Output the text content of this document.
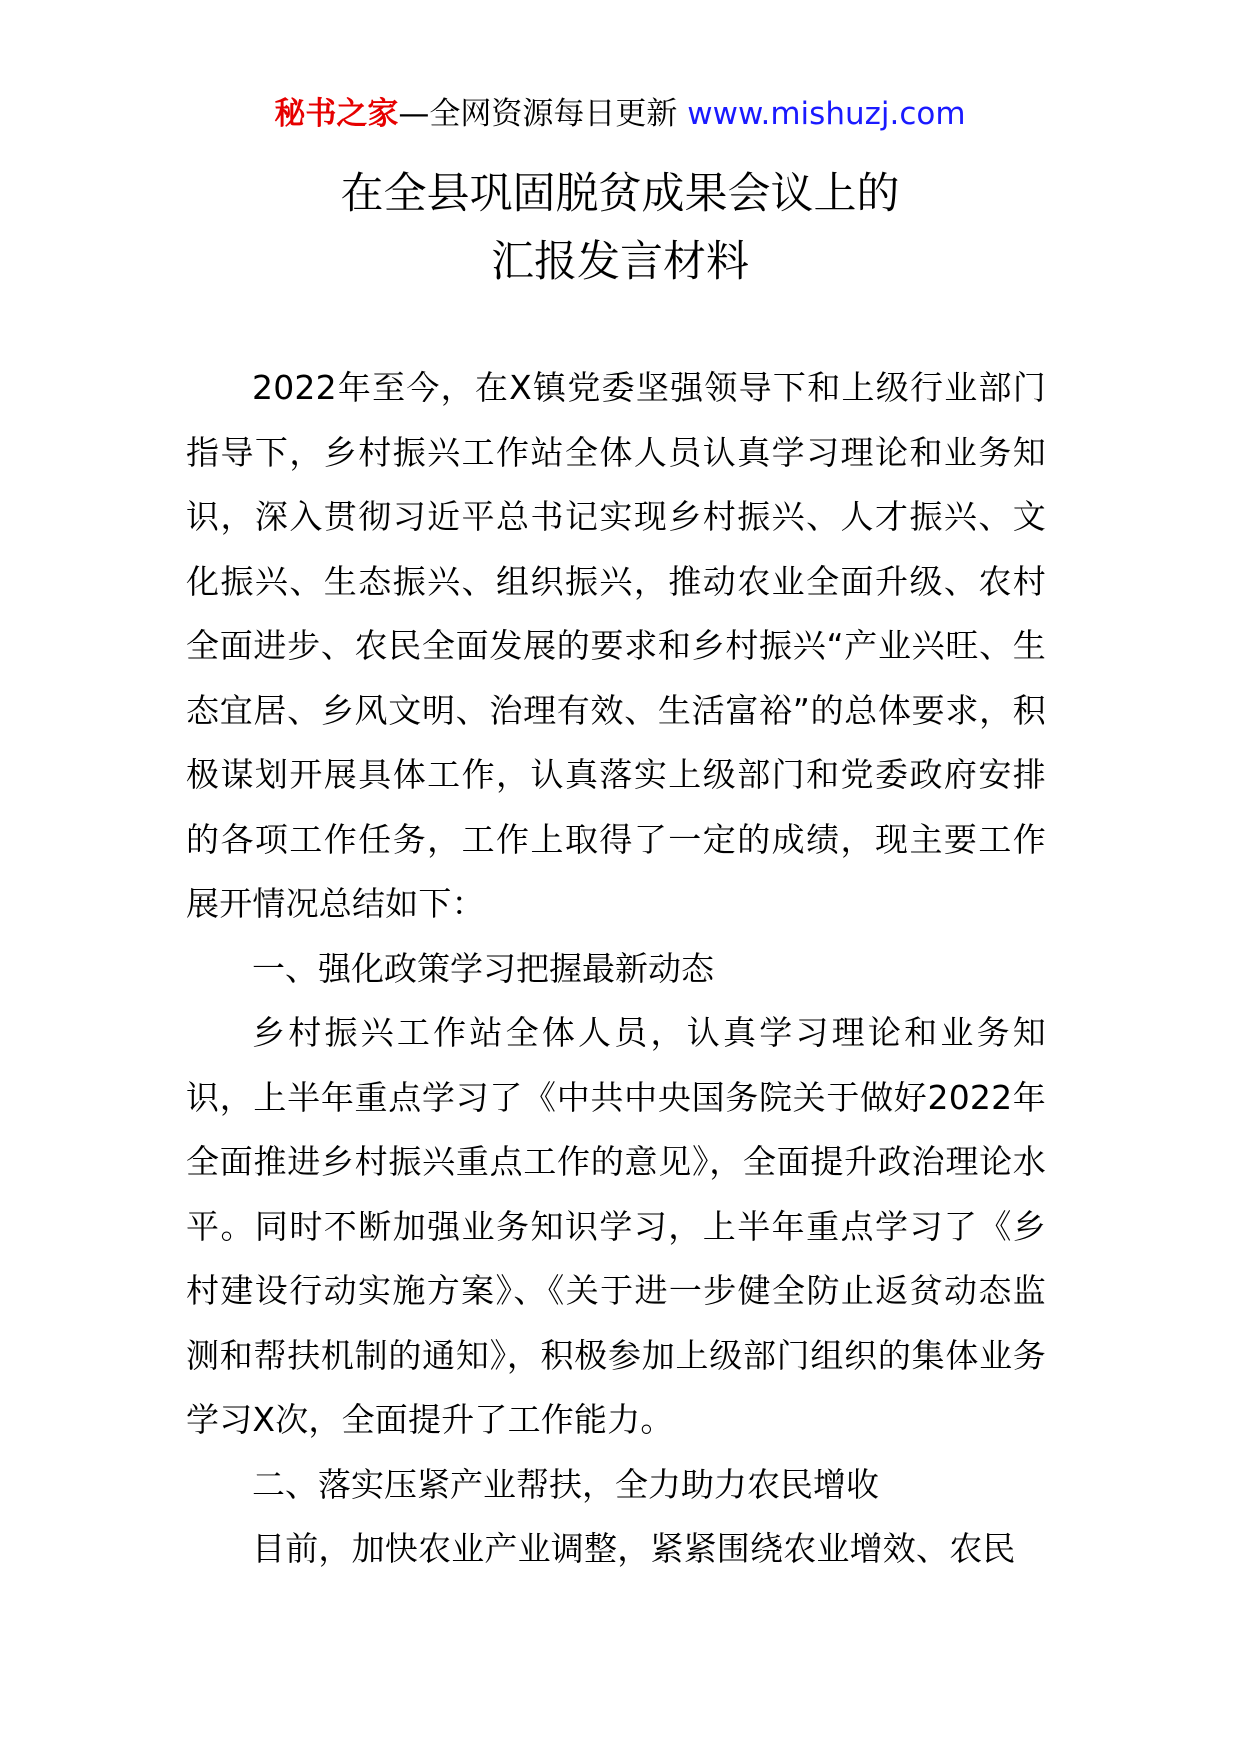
秘书之家—全网资源每日更新 www.mishuzj.com
在全县巩固脱贫成果会议上的
汇报发言材料

2022年至今，在X镇党委坚强领导下和上级行业部门指导下，乡村振兴工作站全体人员认真学习理论和业务知识，深入贯彻习近平总书记实现乡村振兴、人才振兴、文化振兴、生态振兴、组织振兴，推动农业全面升级、农村全面进步、农民全面发展的要求和乡村振兴“产业兴旺、生态宜居、乡风文明、治理有效、生活富裕”的总体要求，积极谋划开展具体工作，认真落实上级部门和党委政府安排的各项工作任务，工作上取得了一定的成绩，现主要工作展开情况总结如下：

一、强化政策学习把握最新动态

乡村振兴工作站全体人员，认真学习理论和业务知识，上半年重点学习了《中共中央国务院关于做好2022年全面推进乡村振兴重点工作的意见》，全面提升政治理论水平。同时不断加强业务知识学习，上半年重点学习了《乡村建设行动实施方案》、《关于进一步健全防止返贫动态监测和帮扶机制的通知》，积极参加上级部门组织的集体业务学习X次，全面提升了工作能力。

二、落实压紧产业帮扶，全力助力农民增收

目前，加快农业产业调整，紧紧围绕农业增效、农民
